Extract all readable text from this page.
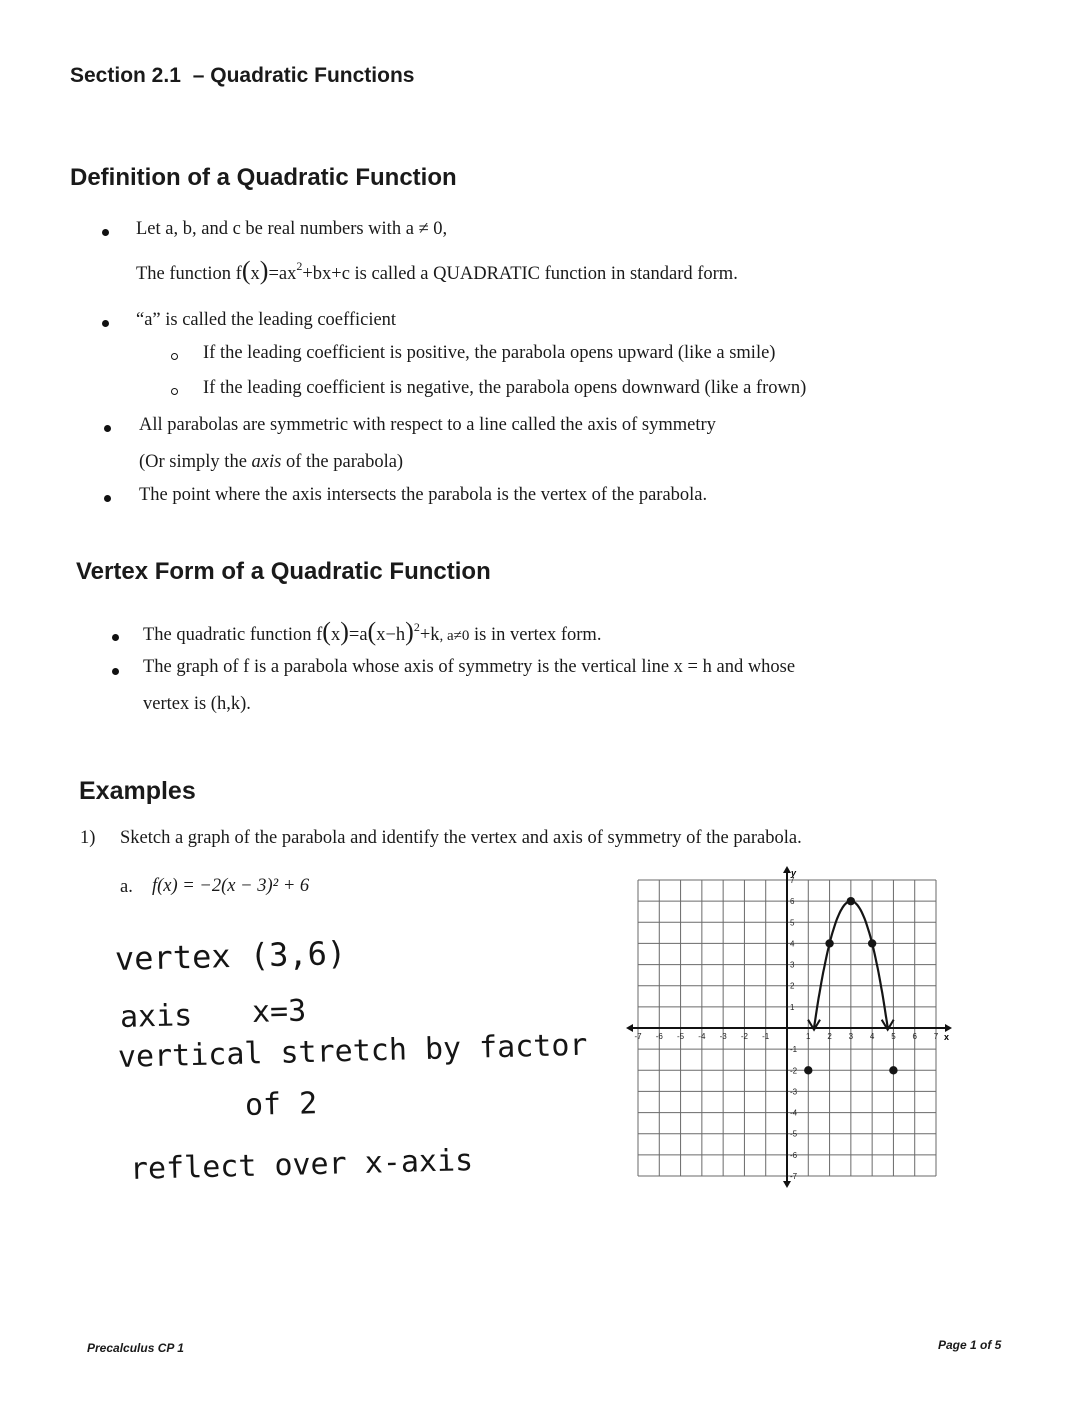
Section 2.1 – Quadratic Functions
Definition of a Quadratic Function
Let a, b, and c be real numbers with a ≠ 0,
The function $f(x)=ax^2+bx+c$ is called a QUADRATIC function in standard form.
“a” is called the leading coefficient
If the leading coefficient is positive, the parabola opens upward (like a smile)
If the leading coefficient is negative, the parabola opens downward (like a frown)
All parabolas are symmetric with respect to a line called the axis of symmetry
(Or simply the axis of the parabola)
The point where the axis intersects the parabola is the vertex of the parabola.
Vertex Form of a Quadratic Function
The quadratic function $f(x)=a(x-h)^2+k$, a≠0 is in vertex form.
The graph of f is a parabola whose axis of symmetry is the vertical line x = h and whose
vertex is (h,k).
Examples
1) Sketch a graph of the parabola and identify the vertex and axis of symmetry of the parabola.
a. f(x) = −2(x − 3)² + 6
vertex (3,6)
axis x=3
vertical stretch by factor
of 2
reflect over x-axis
x
y
-7 -6 -5 -4 -3 -2 -1	1 2 3 4 5 6 7
7
6
5
4
3
2
1
-1
-2
-3
-4
-5
-6
-7
Precalculus CP 1	Page 1 of 5
